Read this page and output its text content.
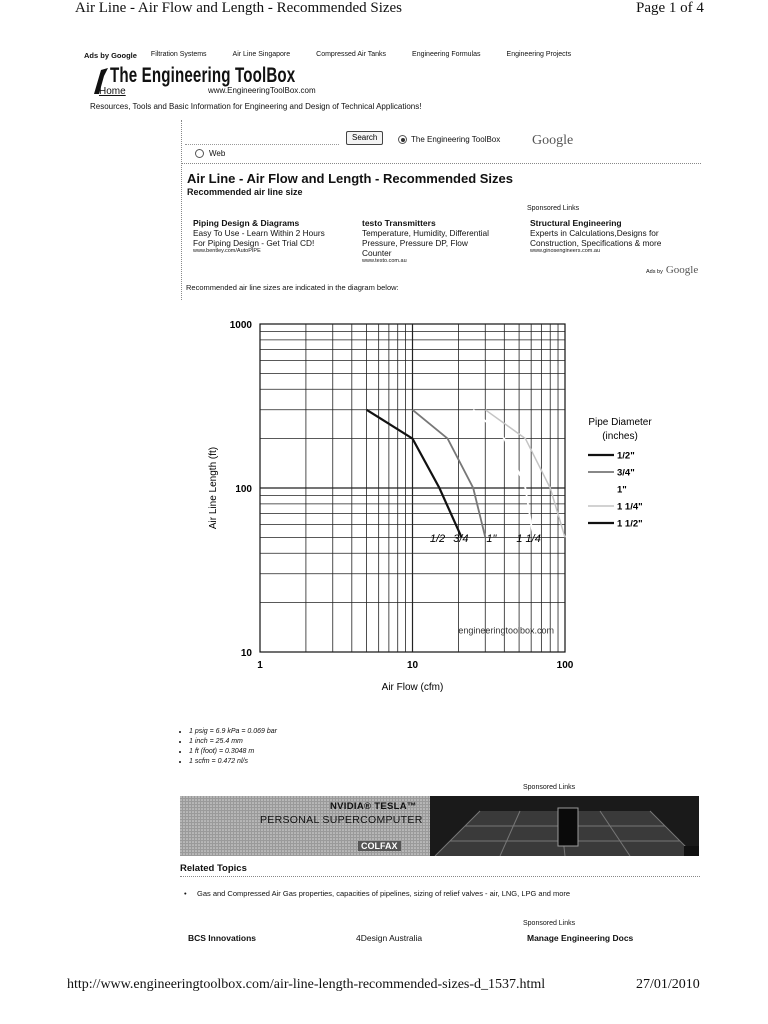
Air Line - Air Flow and Length - Recommended Sizes	Page 1 of 4
Ads by Google Filtration Systems	Air Line Singapore	Compressed Air Tanks	Engineering Formulas	Engineering Projects
The Engineering ToolBox
Home	www.EngineeringToolBox.com
Resources, Tools and Basic Information for Engineering and Design of Technical Applications!
Search	The Engineering ToolBox
Web
Google
Air Line - Air Flow and Length - Recommended Sizes
Recommended air line size
Sponsored Links
Piping Design & Diagrams
Easy To Use - Learn Within 2 Hours
For Piping Design - Get Trial CD!
www.bentley.com/AutoPIPE
testo Transmitters
Temperature, Humidity, Differential
Pressure, Pressure DP, Flow
Counter
www.testo.com.au
Structural Engineering
Experts in Calculations,Designs for
Construction, Specifications & more
www.ginosengineers.com.au
Ads by Google
Recommended air line sizes are indicated in the diagram below:
1	10	100
10
100
1000
Air Flow (cfm)
Air Line Length (ft)
engineeringtoolbox.com
Pipe Diameter
(inches)
1/2"
3/4"
1"
1 1/4"
1 1/2"
1/2 3/4 1" 1 1/4
• 1 psig = 6.9 kPa = 0.069 bar
• 1 inch = 25.4 mm
• 1 ft (foot) = 0.3048 m
• 1 scfm = 0.472 nl/s
Sponsored Links
NVIDIA® TESLA™
PERSONAL SUPERCOMPUTER
COLFAX
Related Topics
• Gas and Compressed Air Gas properties, capacities of pipelines, sizing of relief valves - air, LNG, LPG and more
Sponsored Links
BCS Innovations	4Design Australia	Manage Engineering Docs
http://www.engineeringtoolbox.com/air-line-length-recommended-sizes-d_1537.html	27/01/2010
